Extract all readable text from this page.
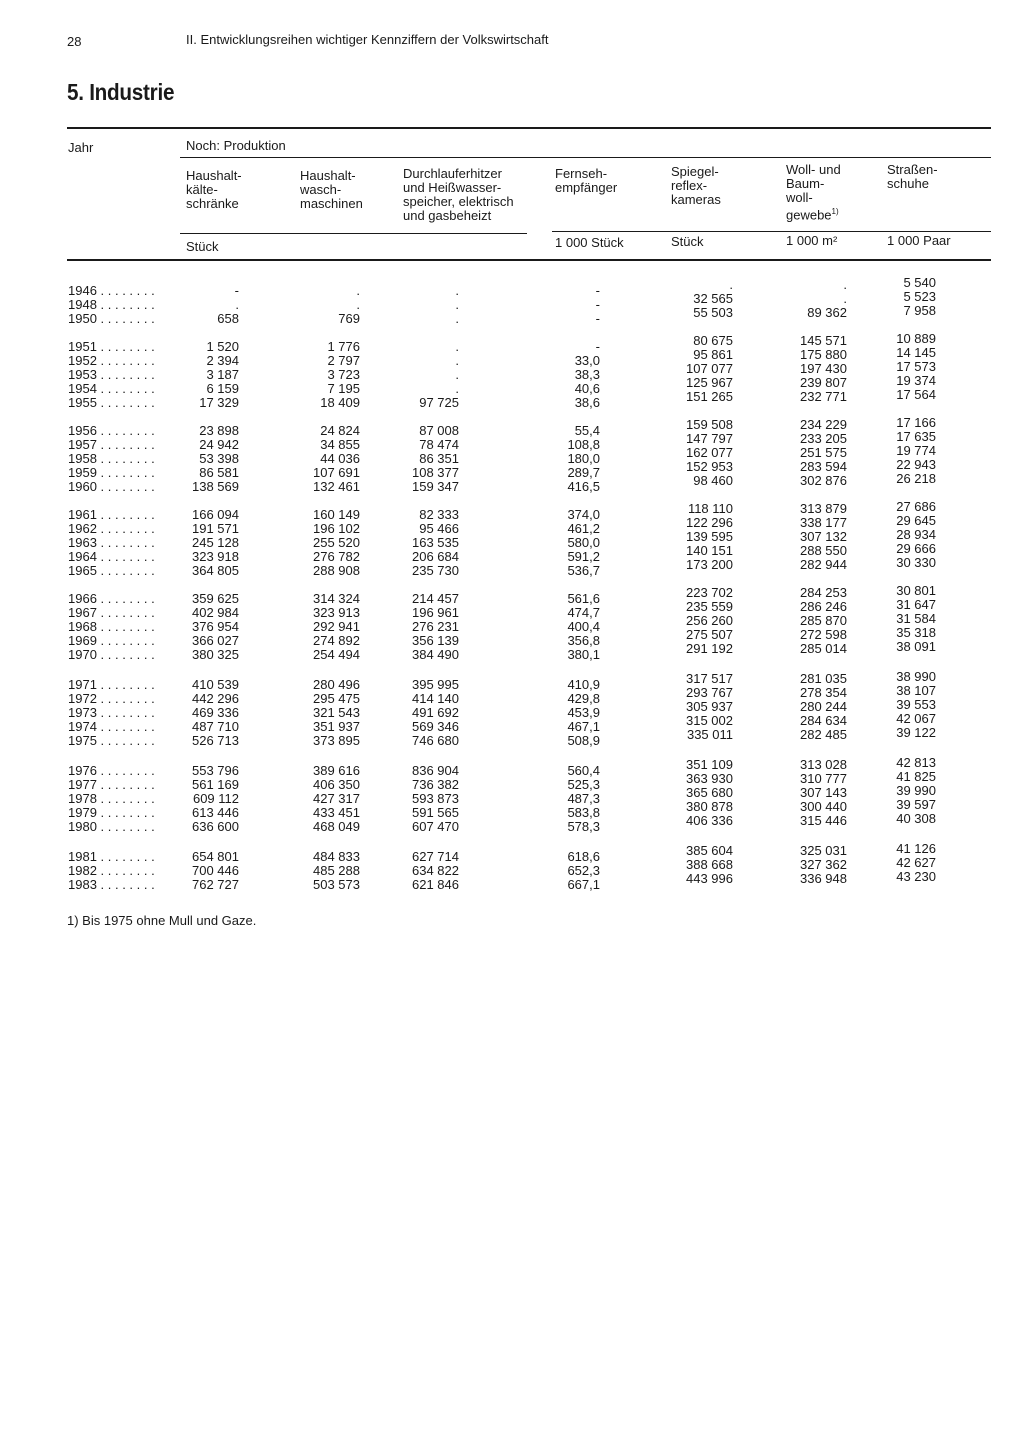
28	II. Entwicklungsreihen wichtiger Kennziffern der Volkswirtschaft
5. Industrie
Jahr	Noch: Produktion
Haushalt-
kälte-
schränke
Haushalt-
wasch-
maschinen
Durchlauferhitzer
und Heißwasser-
speicher, elektrisch
und gasbeheizt
Fernseh-
empfänger
Spiegel-
reflex-
kameras
Woll- und
Baum-
woll-
gewebe$^{1)}$
Straßen-
schuhe
Stück	1 000 Stück	Stück	1 000 m²	1 000 Paar
1946 . . . . . . . .	-	.	.	-	.	.	5 540
1948 . . . . . . . .	.	.	.	-	32 565	.	5 523
1950 . . . . . . . .	658	769	.	-	55 503	89 362	7 958
1951 . . . . . . . .	1 520	1 776	.	-	80 675	145 571	10 889
1952 . . . . . . . .	2 394	2 797	.	33,0	95 861	175 880	14 145
1953 . . . . . . . .	3 187	3 723	.	38,3	107 077	197 430	17 573
1954 . . . . . . . .	6 159	7 195	.	40,6	125 967	239 807	19 374
1955 . . . . . . . .	17 329	18 409	97 725	38,6	151 265	232 771	17 564
1956 . . . . . . . .	23 898	24 824	87 008	55,4	159 508	234 229	17 166
1957 . . . . . . . .	24 942	34 855	78 474	108,8	147 797	233 205	17 635
1958 . . . . . . . .	53 398	44 036	86 351	180,0	162 077	251 575	19 774
1959 . . . . . . . .	86 581	107 691	108 377	289,7	152 953	283 594	22 943
1960 . . . . . . . .	138 569	132 461	159 347	416,5	98 460	302 876	26 218
1961 . . . . . . . .	166 094	160 149	82 333	374,0	118 110	313 879	27 686
1962 . . . . . . . .	191 571	196 102	95 466	461,2	122 296	338 177	29 645
1963 . . . . . . . .	245 128	255 520	163 535	580,0	139 595	307 132	28 934
1964 . . . . . . . .	323 918	276 782	206 684	591,2	140 151	288 550	29 666
1965 . . . . . . . .	364 805	288 908	235 730	536,7	173 200	282 944	30 330
1966 . . . . . . . .	359 625	314 324	214 457	561,6	223 702	284 253	30 801
1967 . . . . . . . .	402 984	323 913	196 961	474,7	235 559	286 246	31 647
1968 . . . . . . . .	376 954	292 941	276 231	400,4	256 260	285 870	31 584
1969 . . . . . . . .	366 027	274 892	356 139	356,8	275 507	272 598	35 318
1970 . . . . . . . .	380 325	254 494	384 490	380,1	291 192	285 014	38 091
1971 . . . . . . . .	410 539	280 496	395 995	410,9	317 517	281 035	38 990
1972 . . . . . . . .	442 296	295 475	414 140	429,8	293 767	278 354	38 107
1973 . . . . . . . .	469 336	321 543	491 692	453,9	305 937	280 244	39 553
1974 . . . . . . . .	487 710	351 937	569 346	467,1	315 002	284 634	42 067
1975 . . . . . . . .	526 713	373 895	746 680	508,9	335 011	282 485	39 122
1976 . . . . . . . .	553 796	389 616	836 904	560,4	351 109	313 028	42 813
1977 . . . . . . . .	561 169	406 350	736 382	525,3	363 930	310 777	41 825
1978 . . . . . . . .	609 112	427 317	593 873	487,3	365 680	307 143	39 990
1979 . . . . . . . .	613 446	433 451	591 565	583,8	380 878	300 440	39 597
1980 . . . . . . . .	636 600	468 049	607 470	578,3	406 336	315 446	40 308
1981 . . . . . . . .	654 801	484 833	627 714	618,6	385 604	325 031	41 126
1982 . . . . . . . .	700 446	485 288	634 822	652,3	388 668	327 362	42 627
1983 . . . . . . . .	762 727	503 573	621 846	667,1	443 996	336 948	43 230
1) Bis 1975 ohne Mull und Gaze.
